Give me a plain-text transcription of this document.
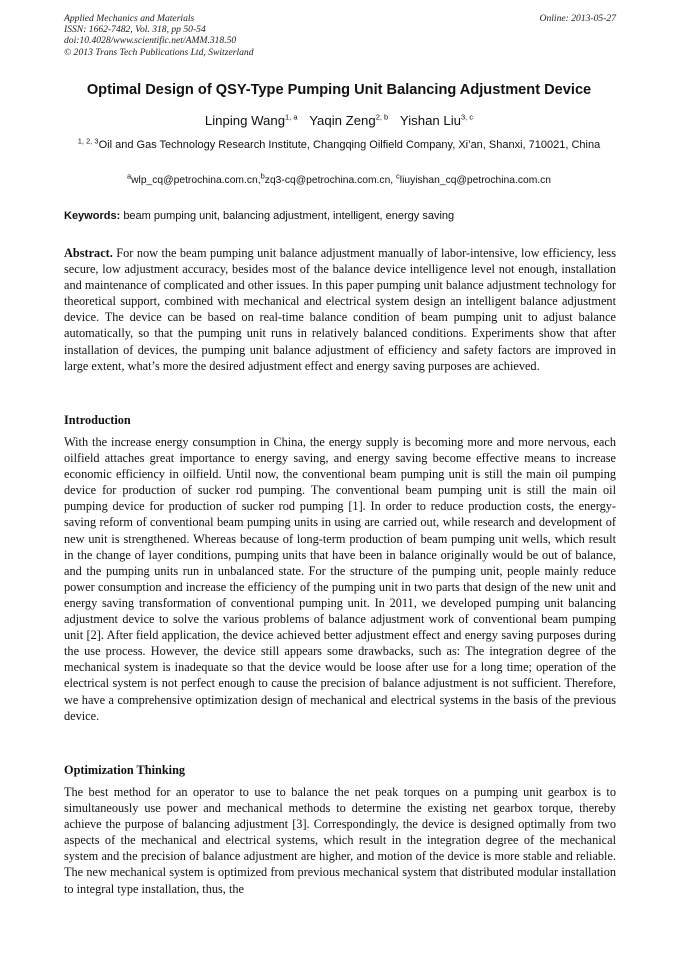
Applied Mechanics and Materials
ISSN: 1662-7482, Vol. 318, pp 50-54
doi:10.4028/www.scientific.net/AMM.318.50
© 2013 Trans Tech Publications Ltd, Switzerland
Online: 2013-05-27
Optimal Design of QSY-Type Pumping Unit Balancing Adjustment Device
Linping Wang$^{1, a}$ Yaqin Zeng$^{2, b}$ Yishan Liu$^{3, c}$
$^{1, 2, 3}$Oil and Gas Technology Research Institute, Changqing Oilfield Company, Xi’an, Shanxi, 710021, China
$^a$wlp_cq@petrochina.com.cn,$^b$zq3-cq@petrochina.com.cn, $^c$liuyishan_cq@petrochina.com.cn
Keywords: beam pumping unit, balancing adjustment, intelligent, energy saving
Abstract. For now the beam pumping unit balance adjustment manually of labor-intensive, low efficiency, less secure, low adjustment accuracy, besides most of the balance device intelligence level not enough, installation and maintenance of complicated and other issues. In this paper pumping unit balance adjustment technology for theoretical support, combined with mechanical and electrical system design an intelligent balance adjustment device. The device can be based on real-time balance condition of beam pumping unit to adjust balance automatically, so that the pumping unit runs in relatively balanced conditions. Experiments show that after installation of devices, the pumping unit balance adjustment of efficiency and safety factors are improved in large extent, what’s more the desired adjustment effect and energy saving purposes are achieved.
Introduction
With the increase energy consumption in China, the energy supply is becoming more and more nervous, each oilfield attaches great importance to energy saving, and energy saving become effective means to increase economic efficiency in oilfield. Until now, the conventional beam pumping unit is still the main oil pumping device for production of sucker rod pumping. The conventional beam pumping unit is still the main oil pumping device for production of sucker rod pumping [1]. In order to reduce production costs, the energy-saving reform of conventional beam pumping units in using are carried out, while research and development of new unit is strengthened. Whereas because of long-term production of beam pumping unit wells, which result in the change of layer conditions, pumping units that have been in balance originally would be out of balance, and the pumping units run in unbalanced state. For the structure of the pumping unit, people mainly reduce power consumption and increase the efficiency of the pumping unit in two parts that design of the new unit and energy saving transformation of conventional pumping unit. In 2011, we developed pumping unit balancing adjustment device to solve the various problems of balance adjustment work of conventional beam pumping unit [2]. After field application, the device achieved better adjustment effect and energy saving purposes during the use process. However, the device still appears some drawbacks, such as: The integration degree of the mechanical system is inadequate so that the device would be loose after use for a long time; operation of the electrical system is not perfect enough to cause the precision of balance adjustment is not sufficient. Therefore, we have a comprehensive optimization design of mechanical and electrical systems in the basis of the previous device.
Optimization Thinking
The best method for an operator to use to balance the net peak torques on a pumping unit gearbox is to simultaneously use power and mechanical methods to determine the existing net gearbox torque, thereby achieve the purpose of balancing adjustment [3]. Correspondingly, the device is designed optimally from two aspects of the mechanical and electrical systems, which result in the integration degree of the mechanical system and the precision of balance adjustment are higher, and motion of the device is more stable and reliable. The new mechanical system is optimized from previous mechanical system that distributed modular installation to integral type installation, thus, the
